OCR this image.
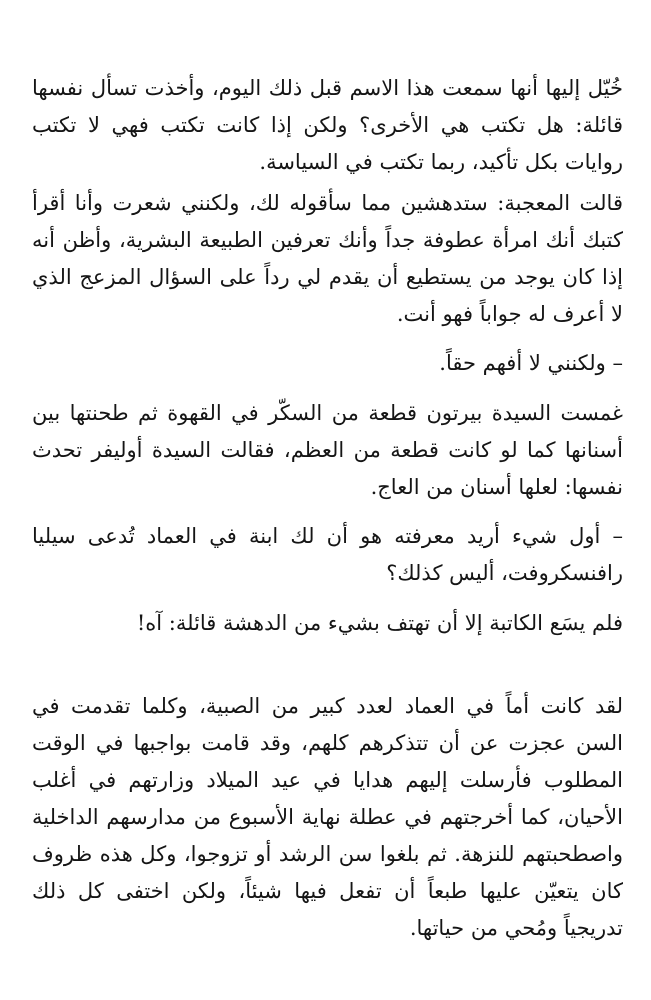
خُيّل إليها أنها سمعت هذا الاسم قبل ذلك اليوم، وأخذت تسأل نفسها قائلة: هل تكتب هي الأخرى؟ ولكن إذا كانت تكتب فهي لا تكتب روايات بكل تأكيد، ربما تكتب في السياسة.

قالت المعجبة: ستدهشين مما سأقوله لك، ولكنني شعرت وأنا أقرأ كتبك أنك امرأة عطوفة جداً وأنك تعرفين الطبيعة البشرية، وأظن أنه إذا كان يوجد من يستطيع أن يقدم لي رداً على السؤال المزعج الذي لا أعرف له جواباً فهو أنت.

– ولكنني لا أفهم حقاً.

غمست السيدة بيرتون قطعة من السكّر في القهوة ثم طحنتها بين أسنانها كما لو كانت قطعة من العظم، فقالت السيدة أوليفر تحدث نفسها: لعلها أسنان من العاج.

– أول شيء أريد معرفته هو أن لك ابنة في العماد تُدعى سيليا رافنسكروفت، أليس كذلك؟

فلم يسَع الكاتبة إلا أن تهتف بشيء من الدهشة قائلة: آه!

لقد كانت أماً في العماد لعدد كبير من الصبية، وكلما تقدمت في السن عجزت عن أن تتذكرهم كلهم، وقد قامت بواجبها في الوقت المطلوب فأرسلت إليهم هدايا في عيد الميلاد وزارتهم في أغلب الأحيان، كما أخرجتهم في عطلة نهاية الأسبوع من مدارسهم الداخلية واصطحبتهم للنزهة. ثم بلغوا سن الرشد أو تزوجوا، وكل هذه ظروف كان يتعيّن عليها طبعاً أن تفعل فيها شيئاً، ولكن اختفى كل ذلك تدريجياً ومُحي من حياتها.
